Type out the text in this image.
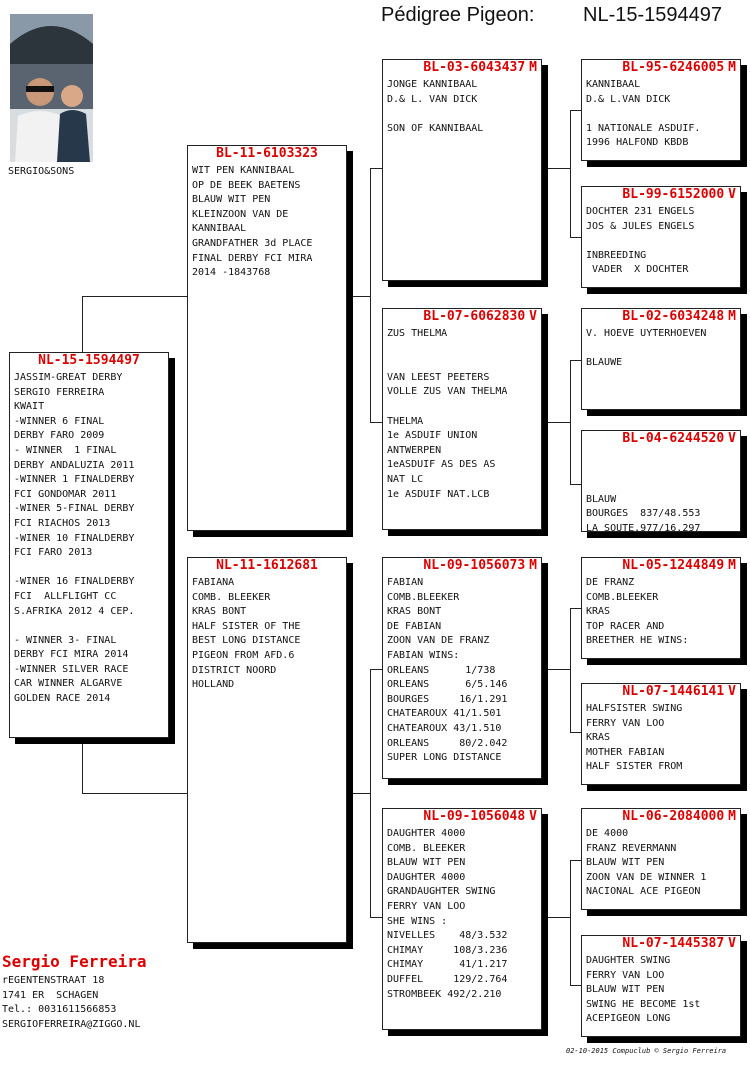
Pédigree Pigeon: NL-15-1594497
SERGIO&SONS
NL-15-1594497
JASSIM-GREAT DERBY
SERGIO FERREIRA
KWAIT
-WINNER 6 FINAL
DERBY FARO 2009
- WINNER  1 FINAL
DERBY ANDALUZIA 2011
-WINNER 1 FINALDERBY
FCI GONDOMAR 2011
-WINER 5-FINAL DERBY
FCI RIACHOS 2013
-WINER 10 FINALDERBY
FCI FARO 2013

-WINER 16 FINALDERBY
FCI  ALLFLIGHT CC
S.AFRIKA 2012 4 CEP.

- WINNER 3- FINAL
DERBY FCI MIRA 2014
-WINNER SILVER RACE
CAR WINNER ALGARVE
GOLDEN RACE 2014
BL-11-6103323
WIT PEN KANNIBAAL
OP DE BEEK BAETENS
BLAUW WIT PEN
KLEINZOON VAN DE
KANNIBAAL
GRANDFATHER 3d PLACE
FINAL DERBY FCI MIRA
2014 -1843768
NL-11-1612681
FABIANA
COMB. BLEEKER
KRAS BONT
HALF SISTER OF THE
BEST LONG DISTANCE
PIGEON FROM AFD.6
DISTRICT NOORD
HOLLAND
BL-03-6043437 M
JONGE KANNIBAAL
D.& L. VAN DICK

SON OF KANNIBAAL
BL-07-6062830 V
ZUS THELMA

VAN LEEST PEETERS
VOLLE ZUS VAN THELMA

THELMA
1e ASDUIF UNION
ANTWERPEN
1eASDUIF AS DES AS
NAT LC
1e ASDUIF NAT.LCB
NL-09-1056073 M
FABIAN
COMB.BLEEKER
KRAS BONT
DE FABIAN
ZOON VAN DE FRANZ
FABIAN WINS:
ORLEANS      1/738
ORLEANS      6/5.146
BOURGES     16/1.291
CHATEAROUX 41/1.501
CHATEAROUX 43/1.510
ORLEANS     80/2.042
SUPER LONG DISTANCE
NL-09-1056048 V
DAUGHTER 4000
COMB. BLEEKER
BLAUW WIT PEN
DAUGHTER 4000
GRANDAUGHTER SWING
FERRY VAN LOO
SHE WINS :
NIVELLES    48/3.532
CHIMAY     108/3.236
CHIMAY      41/1.217
DUFFEL     129/2.764
STROMBEEK 492/2.210
BL-95-6246005 M
KANNIBAAL
D.& L.VAN DICK

1 NATIONALE ASDUIF.
1996 HALFOND KBDB
BL-99-6152000 V
DOCHTER 231 ENGELS
JOS & JULES ENGELS

INBREEDING
VADER  X DOCHTER
BL-02-6034248 M
V. HOEVE UYTERHOEVEN

BLAUWE
BL-04-6244520 V

BLAUW
BOURGES  837/48.553
LA SOUTE.977/16.297
NL-05-1244849 M
DE FRANZ
COMB.BLEEKER
KRAS
TOP RACER AND
BREETHER HE WINS:
NL-07-1446141 V
HALFSISTER SWING
FERRY VAN LOO
KRAS
MOTHER FABIAN
HALF SISTER FROM
NL-06-2084000 M
DE 4000
FRANZ REVERMANN
BLAUW WIT PEN
ZOON VAN DE WINNER 1
NACIONAL ACE PIGEON
NL-07-1445387 V
DAUGHTER SWING
FERRY VAN LOO
BLAUW WIT PEN
SWING HE BECOME 1st
ACEPIGEON LONG
Sergio Ferreira
rEGENTENSTRAAT 18
1741 ER  SCHAGEN
Tel.: 0031611566853
SERGIOFERREIRA@ZIGGO.NL
02-10-2015 Compuclub © Sergio Ferreira
